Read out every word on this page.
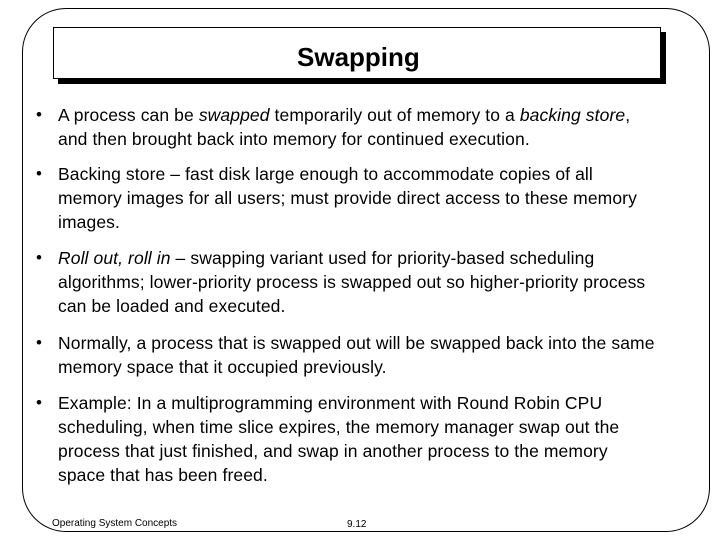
Swapping
• A process can be swapped temporarily out of memory to a backing store, and then brought back into memory for continued execution.
• Backing store – fast disk large enough to accommodate copies of all memory images for all users; must provide direct access to these memory images.
• Roll out, roll in – swapping variant used for priority-based scheduling algorithms; lower-priority process is swapped out so higher-priority process can be loaded and executed.
• Normally, a process that is swapped out will be swapped back into the same memory space that it occupied previously.
• Example: In a multiprogramming environment with Round Robin CPU scheduling, when time slice expires, the memory manager swap out the process that just finished, and swap in another process to the memory space that has been freed.
Operating System Concepts	9.12
